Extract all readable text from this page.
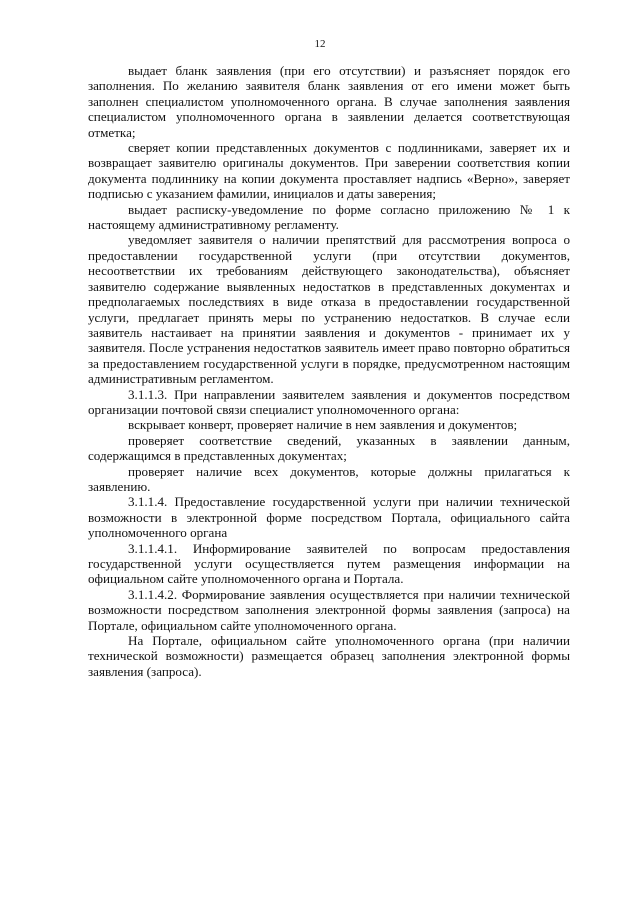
12

выдает бланк заявления (при его отсутствии) и разъясняет порядок его заполнения. По желанию заявителя бланк заявления от его имени может быть заполнен специалистом уполномоченного органа. В случае заполнения заявления специалистом уполномоченного органа в заявлении делается соответствующая отметка;

сверяет копии представленных документов с подлинниками, заверяет их и возвращает заявителю оригиналы документов. При заверении соответствия копии документа подлиннику на копии документа проставляет надпись «Верно», заверяет подписью с указанием фамилии, инициалов и даты заверения;

выдает расписку-уведомление по форме согласно приложению № 1 к настоящему административному регламенту.

уведомляет заявителя о наличии препятствий для рассмотрения вопроса о предоставлении государственной услуги (при отсутствии документов, несоответствии их требованиям действующего законодательства), объясняет заявителю содержание выявленных недостатков в представленных документах и предполагаемых последствиях в виде отказа в предоставлении государственной услуги, предлагает принять меры по устранению недостатков. В случае если заявитель настаивает на принятии заявления и документов - принимает их у заявителя. После устранения недостатков заявитель имеет право повторно обратиться за предоставлением государственной услуги в порядке, предусмотренном настоящим административным регламентом.

3.1.1.3. При направлении заявителем заявления и документов посредством организации почтовой связи специалист уполномоченного органа:

вскрывает конверт, проверяет наличие в нем заявления и документов;

проверяет соответствие сведений, указанных в заявлении данным, содержащимся в представленных документах;

проверяет наличие всех документов, которые должны прилагаться к заявлению.

3.1.1.4. Предоставление государственной услуги при наличии технической возможности в электронной форме посредством Портала, официального сайта уполномоченного органа

3.1.1.4.1. Информирование заявителей по вопросам предоставления государственной услуги осуществляется путем размещения информации на официальном сайте уполномоченного органа и Портала.

3.1.1.4.2. Формирование заявления осуществляется при наличии технической возможности посредством заполнения электронной формы заявления (запроса) на Портале, официальном сайте уполномоченного органа.

На Портале, официальном сайте уполномоченного органа (при наличии технической возможности) размещается образец заполнения электронной формы заявления (запроса).
